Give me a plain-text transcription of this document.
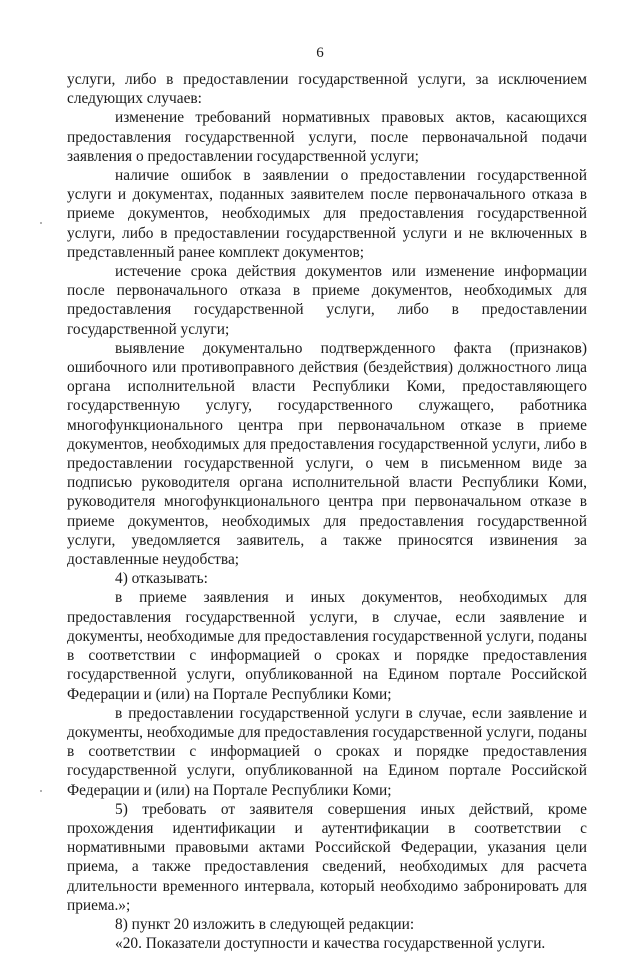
6

услуги, либо в предоставлении государственной услуги, за исключением следующих случаев:

изменение требований нормативных правовых актов, касающихся предоставления государственной услуги, после первоначальной подачи заявления о предоставлении государственной услуги;

наличие ошибок в заявлении о предоставлении государственной услуги и документах, поданных заявителем после первоначального отказа в приеме документов, необходимых для предоставления государственной услуги, либо в предоставлении государственной услуги и не включенных в представленный ранее комплект документов;

истечение срока действия документов или изменение информации после первоначального отказа в приеме документов, необходимых для предоставления государственной услуги, либо в предоставлении государственной услуги;

выявление документально подтвержденного факта (признаков) ошибочного или противоправного действия (бездействия) должностного лица органа исполнительной власти Республики Коми, предоставляющего государственную услугу, государственного служащего, работника многофункционального центра при первоначальном отказе в приеме документов, необходимых для предоставления государственной услуги, либо в предоставлении государственной услуги, о чем в письменном виде за подписью руководителя органа исполнительной власти Республики Коми, руководителя многофункционального центра при первоначальном отказе в приеме документов, необходимых для предоставления государственной услуги, уведомляется заявитель, а также приносятся извинения за доставленные неудобства;

4) отказывать:

в приеме заявления и иных документов, необходимых для предоставления государственной услуги, в случае, если заявление и документы, необходимые для предоставления государственной услуги, поданы в соответствии с информацией о сроках и порядке предоставления государственной услуги, опубликованной на Едином портале Российской Федерации и (или) на Портале Республики Коми;

в предоставлении государственной услуги в случае, если заявление и документы, необходимые для предоставления государственной услуги, поданы в соответствии с информацией о сроках и порядке предоставления государственной услуги, опубликованной на Едином портале Российской Федерации и (или) на Портале Республики Коми;

5) требовать от заявителя совершения иных действий, кроме прохождения идентификации и аутентификации в соответствии с нормативными правовыми актами Российской Федерации, указания цели приема, а также предоставления сведений, необходимых для расчета длительности временного интервала, который необходимо забронировать для приема.»;

8) пункт 20 изложить в следующей редакции:

«20. Показатели доступности и качества государственной услуги.
